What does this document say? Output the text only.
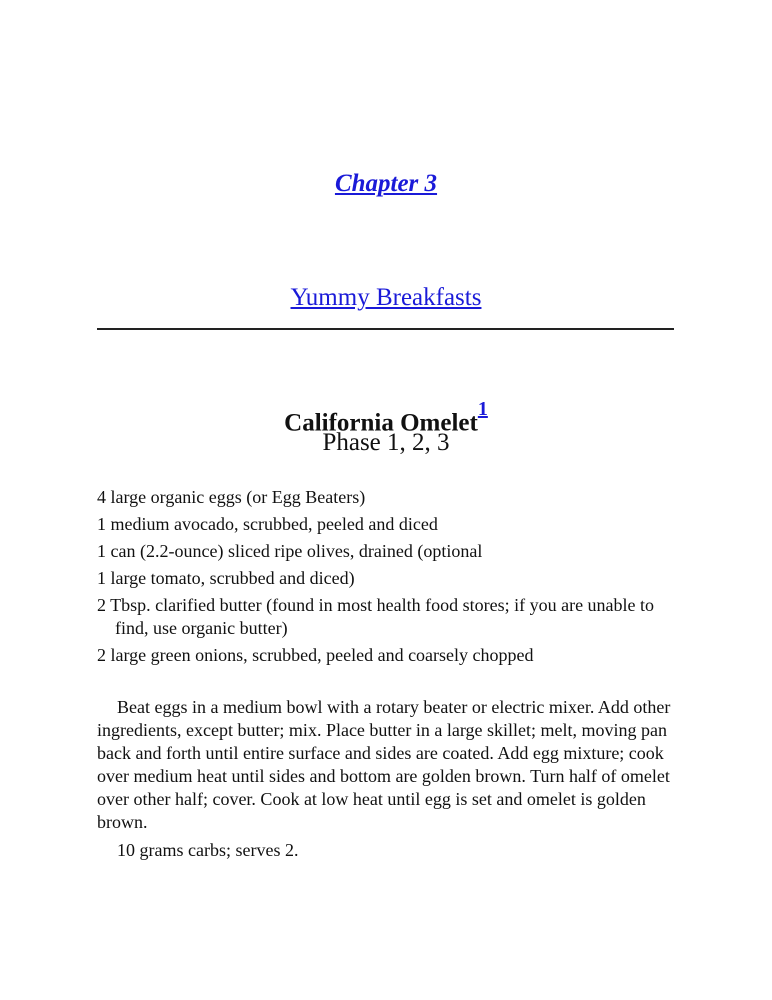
Chapter 3
Yummy Breakfasts
California Omelet$^1$
Phase 1, 2, 3
4 large organic eggs (or Egg Beaters)
1 medium avocado, scrubbed, peeled and diced
1 can (2.2-ounce) sliced ripe olives, drained (optional
1 large tomato, scrubbed and diced)
2 Tbsp. clarified butter (found in most health food stores; if you are unable to find, use organic butter)
2 large green onions, scrubbed, peeled and coarsely chopped

Beat eggs in a medium bowl with a rotary beater or electric mixer. Add other ingredients, except butter; mix. Place butter in a large skillet; melt, moving pan back and forth until entire surface and sides are coated. Add egg mixture; cook over medium heat until sides and bottom are golden brown. Turn half of omelet over other half; cover. Cook at low heat until egg is set and omelet is golden brown.

10 grams carbs; serves 2.
